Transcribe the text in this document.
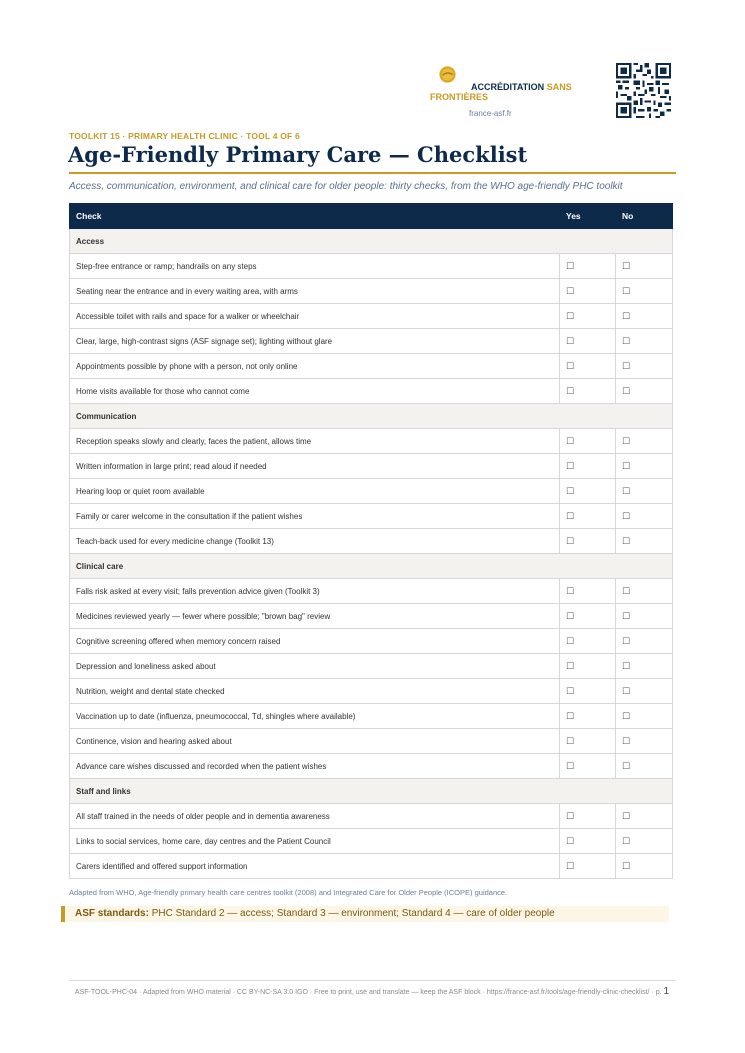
ACCRÉDITATION SANS FRONTIÈRES
france-asf.fr
TOOLKIT 15 · PRIMARY HEALTH CLINIC · TOOL 4 OF 6
Age-Friendly Primary Care — Checklist
Access, communication, environment, and clinical care for older people: thirty checks, from the WHO age-friendly PHC toolkit
Check	Yes	No
Access		
Step-free entrance or ramp; handrails on any steps	☐	☐
Seating near the entrance and in every waiting area, with arms	☐	☐
Accessible toilet with rails and space for a walker or wheelchair	☐	☐
Clear, large, high-contrast signs (ASF signage set); lighting without glare	☐	☐
Appointments possible by phone with a person, not only online	☐	☐
Home visits available for those who cannot come	☐	☐
Communication		
Reception speaks slowly and clearly, faces the patient, allows time	☐	☐
Written information in large print; read aloud if needed	☐	☐
Hearing loop or quiet room available	☐	☐
Family or carer welcome in the consultation if the patient wishes	☐	☐
Teach-back used for every medicine change (Toolkit 13)	☐	☐
Clinical care		
Falls risk asked at every visit; falls prevention advice given (Toolkit 3)	☐	☐
Medicines reviewed yearly — fewer where possible; "brown bag" review	☐	☐
Cognitive screening offered when memory concern raised	☐	☐
Depression and loneliness asked about	☐	☐
Nutrition, weight and dental state checked	☐	☐
Vaccination up to date (influenza, pneumococcal, Td, shingles where available)	☐	☐
Continence, vision and hearing asked about	☐	☐
Advance care wishes discussed and recorded when the patient wishes	☐	☐
Staff and links		
All staff trained in the needs of older people and in dementia awareness	☐	☐
Links to social services, home care, day centres and the Patient Council	☐	☐
Carers identified and offered support information	☐	☐
Adapted from WHO, Age-friendly primary health care centres toolkit (2008) and Integrated Care for Older People (ICOPE) guidance.
ASF standards: PHC Standard 2 — access; Standard 3 — environment; Standard 4 — care of older people
ASF-TOOL-PHC-04 · Adapted from WHO material · CC BY-NC-SA 3.0 IGO · Free to print, use and translate — keep the ASF block · https://france-asf.fr/tools/age-friendly-clinic-checklist/ · p. 1
